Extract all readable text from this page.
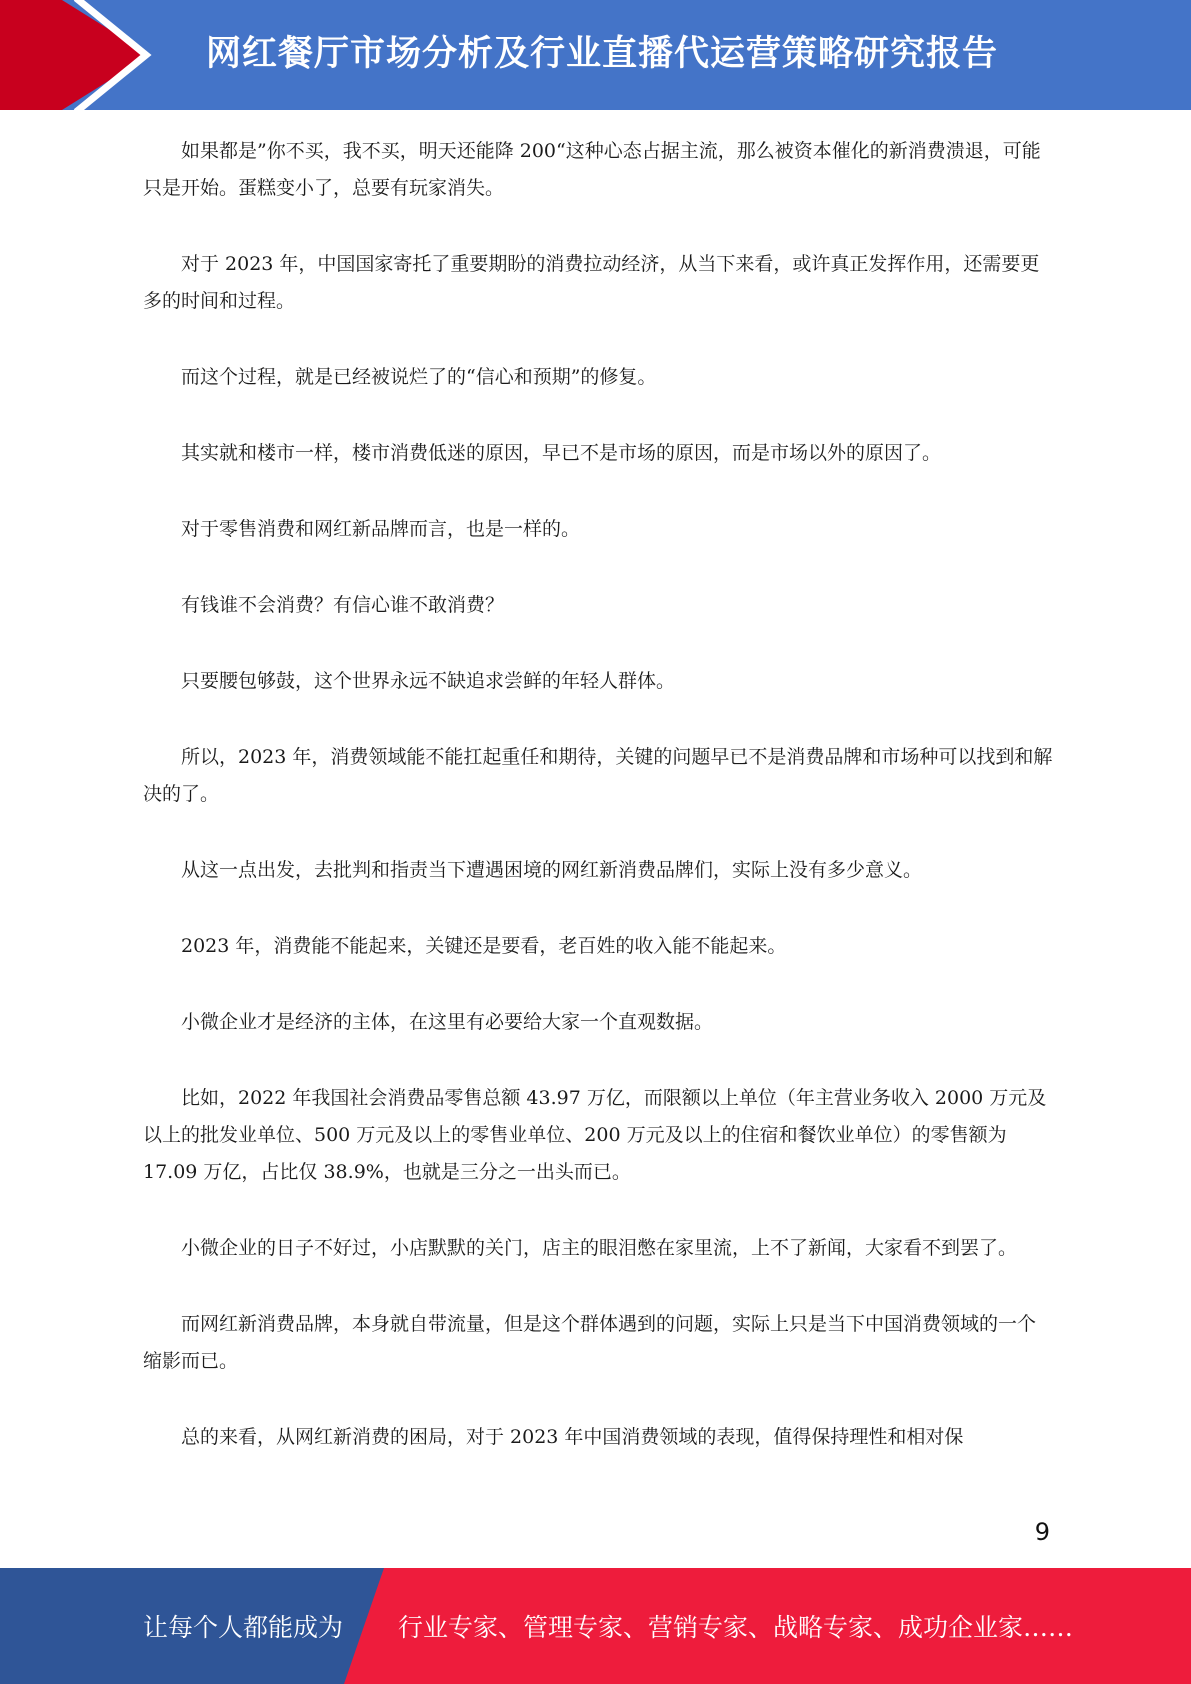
网红餐厅市场分析及行业直播代运营策略研究报告

如果都是”你不买，我不买，明天还能降 200“这种心态占据主流，那么被资本催化的新消费溃退，可能只是开始。蛋糕变小了，总要有玩家消失。

对于 2023 年，中国国家寄托了重要期盼的消费拉动经济，从当下来看，或许真正发挥作用，还需要更多的时间和过程。

而这个过程，就是已经被说烂了的“信心和预期”的修复。

其实就和楼市一样，楼市消费低迷的原因，早已不是市场的原因，而是市场以外的原因了。

对于零售消费和网红新品牌而言，也是一样的。

有钱谁不会消费？有信心谁不敢消费？

只要腰包够鼓，这个世界永远不缺追求尝鲜的年轻人群体。

所以，2023 年，消费领域能不能扛起重任和期待，关键的问题早已不是消费品牌和市场种可以找到和解决的了。

从这一点出发，去批判和指责当下遭遇困境的网红新消费品牌们，实际上没有多少意义。

2023 年，消费能不能起来，关键还是要看，老百姓的收入能不能起来。

小微企业才是经济的主体，在这里有必要给大家一个直观数据。

比如，2022 年我国社会消费品零售总额 43.97 万亿，而限额以上单位（年主营业务收入 2000 万元及以上的批发业单位、500 万元及以上的零售业单位、200 万元及以上的住宿和餐饮业单位）的零售额为 17.09 万亿，占比仅 38.9%，也就是三分之一出头而已。

小微企业的日子不好过，小店默默的关门，店主的眼泪憋在家里流，上不了新闻，大家看不到罢了。

而网红新消费品牌，本身就自带流量，但是这个群体遇到的问题，实际上只是当下中国消费领域的一个缩影而已。

总的来看，从网红新消费的困局，对于 2023 年中国消费领域的表现，值得保持理性和相对保

9
让每个人都能成为 行业专家、管理专家、营销专家、战略专家、成功企业家……
